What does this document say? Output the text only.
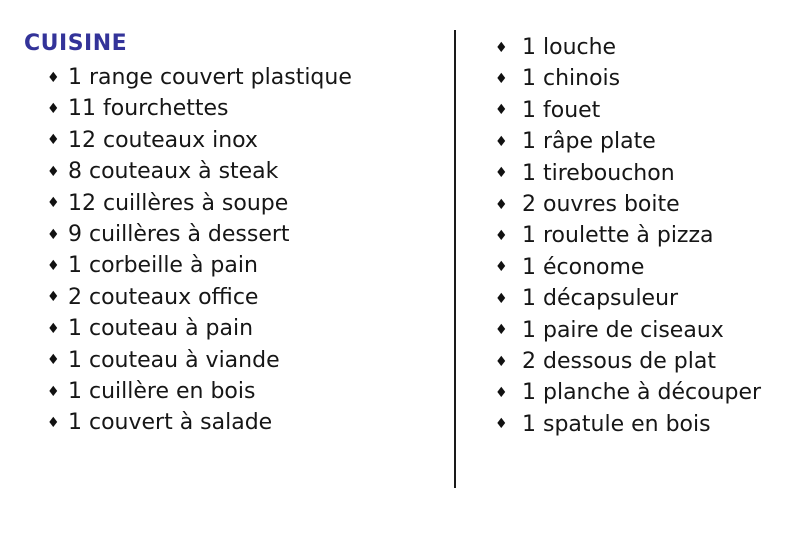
CUISINE
♦ 1 range couvert plastique
♦ 11 fourchettes
♦ 12 couteaux inox
♦ 8 couteaux à steak
♦ 12 cuillères à soupe
♦ 9 cuillères à dessert
♦ 1 corbeille à pain
♦ 2 couteaux office
♦ 1 couteau à pain
♦ 1 couteau à viande
♦ 1 cuillère en bois
♦ 1 couvert à salade
♦ 1 louche
♦ 1 chinois
♦ 1 fouet
♦ 1 râpe plate
♦ 1 tirebouchon
♦ 2 ouvres boite
♦ 1 roulette à pizza
♦ 1 économe
♦ 1 décapsuleur
♦ 1 paire de ciseaux
♦ 2 dessous de plat
♦ 1 planche à découper
♦ 1 spatule en bois
